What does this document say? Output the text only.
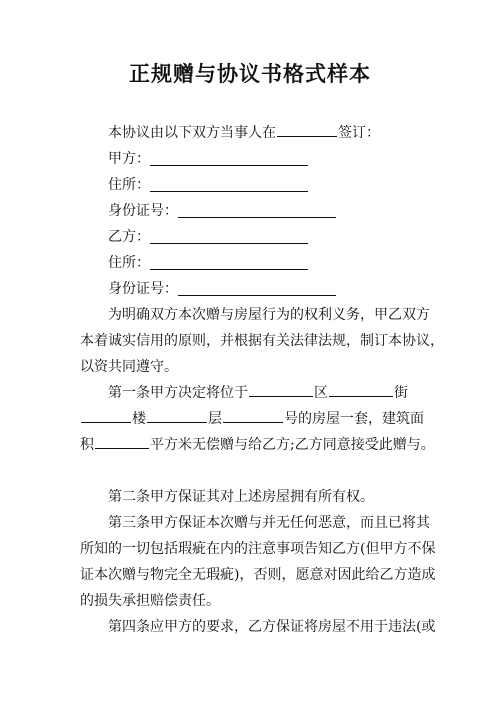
正规赠与协议书格式样本
本协议由以下双方当事人在	签订：
甲方：
住所：
身份证号：
乙方：
住所：
身份证号：
为明确双方本次赠与房屋行为的权利义务，甲乙双方
本着诚实信用的原则，并根据有关法律法规，制订本协议，
以资共同遵守。
第一条甲方决定将位于	区	街
楼	层	号的房屋一套，建筑面
积	平方米无偿赠与给乙方;乙方同意接受此赠与。
第二条甲方保证其对上述房屋拥有所有权。
第三条甲方保证本次赠与并无任何恶意，而且已将其
所知的一切包括瑕疵在内的注意事项告知乙方(但甲方不保
证本次赠与物完全无瑕疵)，否则，愿意对因此给乙方造成
的损失承担赔偿责任。
第四条应甲方的要求，乙方保证将房屋不用于违法(或
